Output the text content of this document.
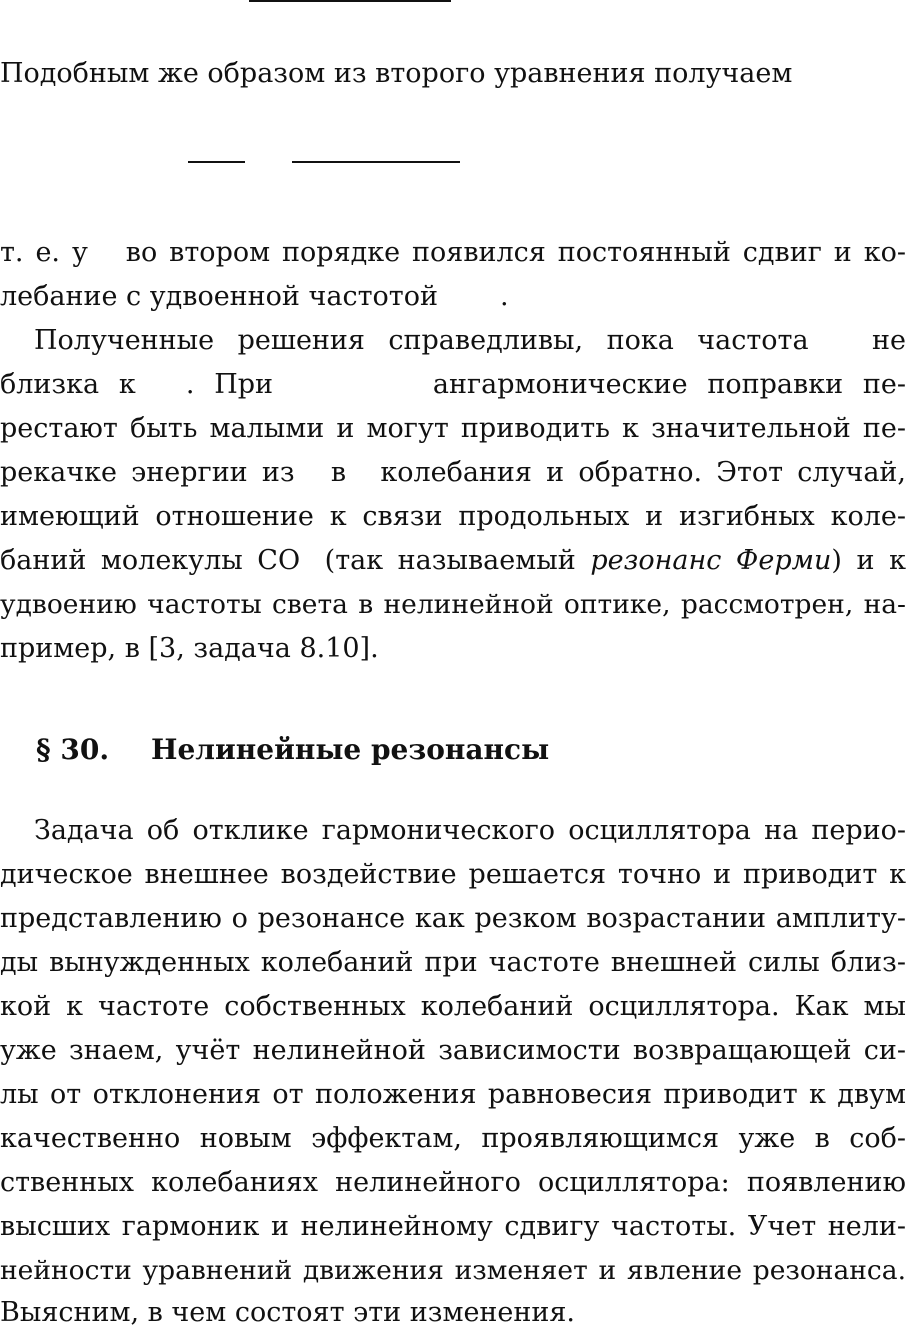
Подобным же образом из второго уравнения получаем
т. е. у во втором порядке появился постоянный сдвиг и ко-
лебание с удвоенной частотой .
Полученные решения справедливы, пока частота не
близка к . При	ангармонические поправки пе-
рестают быть малыми и могут приводить к значительной пе-
рекачке энергии из в колебания и обратно. Этот случай,
имеющий отношение к связи продольных и изгибных коле-
баний молекулы СО (так называемый резонанс Ферми) и к
удвоению частоты света в нелинейной оптике, рассмотрен, на-
пример, в [3, задача 8.10].
§ 30. Нелинейные резонансы
Задача об отклике гармонического осциллятора на перио-
дическое внешнее воздействие решается точно и приводит к
представлению о резонансе как резком возрастании амплиту-
ды вынужденных колебаний при частоте внешней силы близ-
кой к частоте собственных колебаний осциллятора. Как мы
уже знаем, учёт нелинейной зависимости возвращающей си-
лы от отклонения от положения равновесия приводит к двум
качественно новым эффектам, проявляющимся уже в соб-
ственных колебаниях нелинейного осциллятора: появлению
высших гармоник и нелинейному сдвигу частоты. Учет нели-
нейности уравнений движения изменяет и явление резонанса.
Выясним, в чем состоят эти изменения.
